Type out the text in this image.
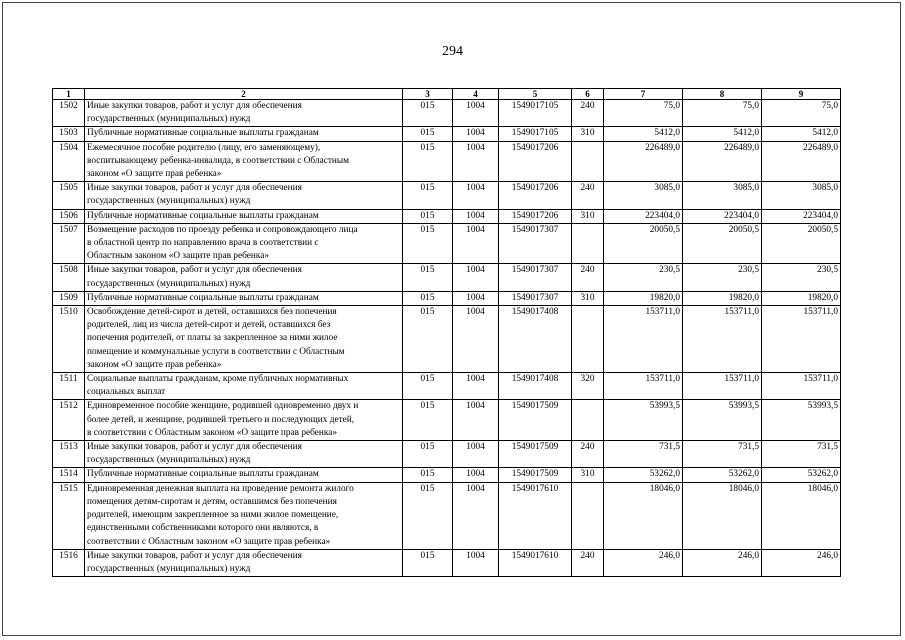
294
1	2	3	4	5	6	7	8	9
1502	Иные закупки товаров, работ и услуг для обеспечения
государственных (муниципальных) нужд	015	1004	1549017105	240	75,0	75,0	75,0
1503	Публичные нормативные социальные выплаты гражданам	015	1004	1549017105	310	5412,0	5412,0	5412,0
1504	Ежемесячное пособие родителю (лицу, его заменяющему),
воспитывающему ребенка-инвалида, в соответствии с Областным
законом «О защите прав ребенка»	015	1004	1549017206		226489,0	226489,0	226489,0
1505	Иные закупки товаров, работ и услуг для обеспечения
государственных (муниципальных) нужд	015	1004	1549017206	240	3085,0	3085,0	3085,0
1506	Публичные нормативные социальные выплаты гражданам	015	1004	1549017206	310	223404,0	223404,0	223404,0
1507	Возмещение расходов по проезду ребенка и сопровождающего лица
в областной центр по направлению врача в соответствии с
Областным законом «О защите прав ребенка»	015	1004	1549017307		20050,5	20050,5	20050,5
1508	Иные закупки товаров, работ и услуг для обеспечения
государственных (муниципальных) нужд	015	1004	1549017307	240	230,5	230,5	230,5
1509	Публичные нормативные социальные выплаты гражданам	015	1004	1549017307	310	19820,0	19820,0	19820,0
1510	Освобождение детей-сирот и детей, оставшихся без попечения
родителей, лиц из числа детей-сирот и детей, оставшихся без
попечения родителей, от платы за закрепленное за ними жилое
помещение и коммунальные услуги в соответствии с Областным
законом «О защите прав ребенка»	015	1004	1549017408		153711,0	153711,0	153711,0
1511	Социальные выплаты гражданам, кроме публичных нормативных
социальных выплат	015	1004	1549017408	320	153711,0	153711,0	153711,0
1512	Единовременное пособие женщине, родившей одновременно двух и
более детей, и женщине, родившей третьего и последующих детей,
в соответствии с Областным законом «О защите прав ребенка»	015	1004	1549017509		53993,5	53993,5	53993,5
1513	Иные закупки товаров, работ и услуг для обеспечения
государственных (муниципальных) нужд	015	1004	1549017509	240	731,5	731,5	731,5
1514	Публичные нормативные социальные выплаты гражданам	015	1004	1549017509	310	53262,0	53262,0	53262,0
1515	Единовременная денежная выплата на проведение ремонта жилого
помещения детям-сиротам и детям, оставшимся без попечения
родителей, имеющим закрепленное за ними жилое помещение,
единственными собственниками которого они являются, в
соответствии с Областным законом «О защите прав ребенка»	015	1004	1549017610		18046,0	18046,0	18046,0
1516	Иные закупки товаров, работ и услуг для обеспечения
государственных (муниципальных) нужд	015	1004	1549017610	240	246,0	246,0	246,0
